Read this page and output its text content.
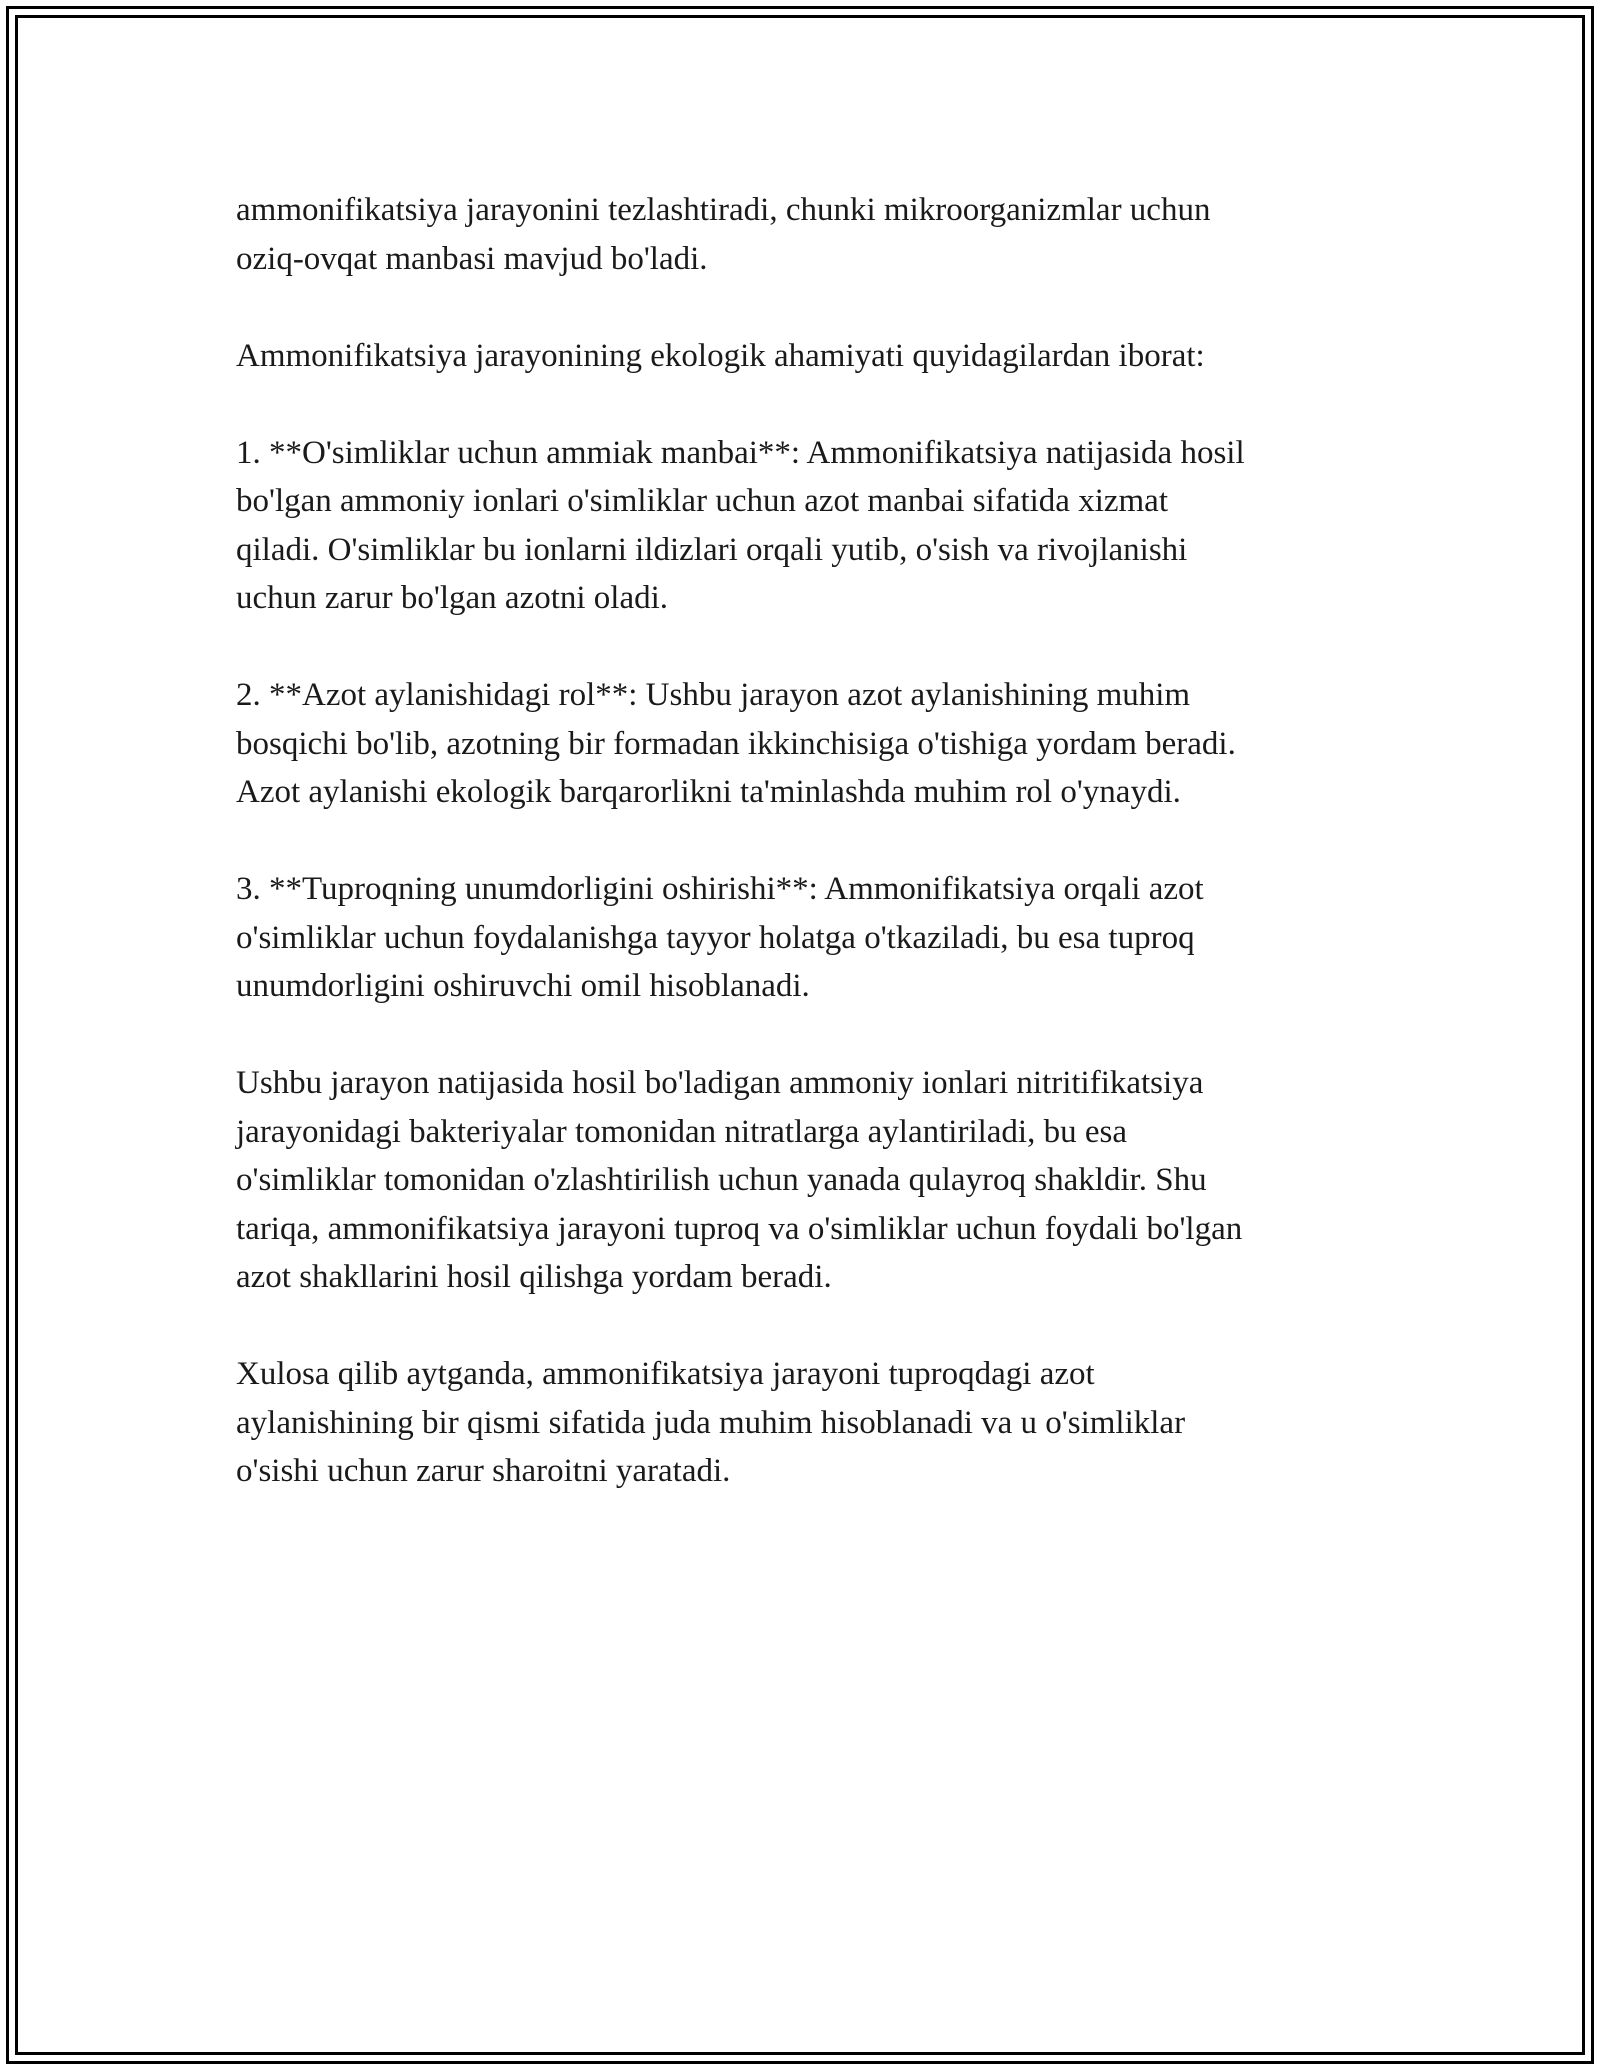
ammonifikatsiya jarayonini tezlashtiradi, chunki mikroorganizmlar uchun
oziq-ovqat manbasi mavjud bo'ladi.

Ammonifikatsiya jarayonining ekologik ahamiyati quyidagilardan iborat:

1. **O'simliklar uchun ammiak manbai**: Ammonifikatsiya natijasida hosil
bo'lgan ammoniy ionlari o'simliklar uchun azot manbai sifatida xizmat
qiladi. O'simliklar bu ionlarni ildizlari orqali yutib, o'sish va rivojlanishi
uchun zarur bo'lgan azotni oladi.

2. **Azot aylanishidagi rol**: Ushbu jarayon azot aylanishining muhim
bosqichi bo'lib, azotning bir formadan ikkinchisiga o'tishiga yordam beradi.
Azot aylanishi ekologik barqarorlikni ta'minlashda muhim rol o'ynaydi.

3. **Tuproqning unumdorligini oshirishi**: Ammonifikatsiya orqali azot
o'simliklar uchun foydalanishga tayyor holatga o'tkaziladi, bu esa tuproq
unumdorligini oshiruvchi omil hisoblanadi.

Ushbu jarayon natijasida hosil bo'ladigan ammoniy ionlari nitritifikatsiya
jarayonidagi bakteriyalar tomonidan nitratlarga aylantiriladi, bu esa
o'simliklar tomonidan o'zlashtirilish uchun yanada qulayroq shakldir. Shu
tariqa, ammonifikatsiya jarayoni tuproq va o'simliklar uchun foydali bo'lgan
azot shakllarini hosil qilishga yordam beradi.

Xulosa qilib aytganda, ammonifikatsiya jarayoni tuproqdagi azot
aylanishining bir qismi sifatida juda muhim hisoblanadi va u o'simliklar
o'sishi uchun zarur sharoitni yaratadi.
